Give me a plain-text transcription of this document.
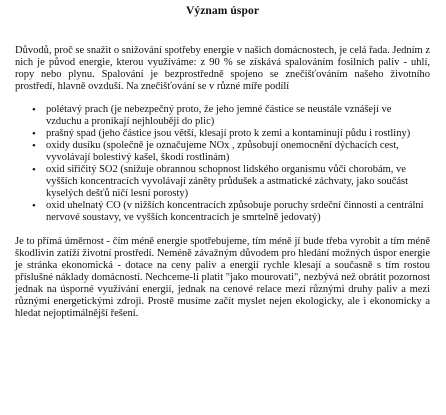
Význam úspor

Důvodů, proč se snažit o snižování spotřeby energie v našich domácnostech, je celá řada. Jedním z nich je původ energie, kterou využíváme: z 90 % se získává spalováním fosilních paliv - uhlí, ropy nebo plynu. Spalování je bezprostředně spojeno se znečišťováním našeho životního prostředí, hlavně ovzduší. Na znečišťování se v různé míře podílí

• polétavý prach (je nebezpečný proto, že jeho jemné částice se neustále vznášejí ve vzduchu a pronikají nejhlouběji do plic)
• prašný spad (jeho částice jsou větší, klesají proto k zemi a kontaminují půdu i rostliny)
• oxidy dusíku (společně je označujeme NOx , způsobují onemocnění dýchacích cest, vyvolávají bolestivý kašel, škodí rostlinám)
• oxid siřičitý SO2 (snižuje obrannou schopnost lidského organismu vůči chorobám, ve vyšších koncentracích vyvolávají záněty průdušek a astmatické záchvaty, jako součást kyselých dešťů ničí lesní porosty)
• oxid uhelnatý CO (v nižších koncentracích způsobuje poruchy srdeční činnosti a centrální nervové soustavy, ve vyšších koncentracích je smrtelně jedovatý)

Je to přímá úměrnost - čím méně energie spotřebujeme, tím méně jí bude třeba vyrobit a tím méně škodlivin zatíží životní prostředí. Neméně závažným důvodem pro hledání možných úspor energie je stránka ekonomická - dotace na ceny paliv a energií rychle klesají a současně s tím rostou příslušné náklady domácností. Nechceme-li platit "jako mourovati", nezbývá než obrátit pozornost jednak na úsporné využívání energií, jednak na cenové relace mezi různými druhy paliv a mezi různými energetickými zdroji. Prostě musíme začít myslet nejen ekologicky, ale i ekonomicky a hledat nejoptimálnější řešení.
